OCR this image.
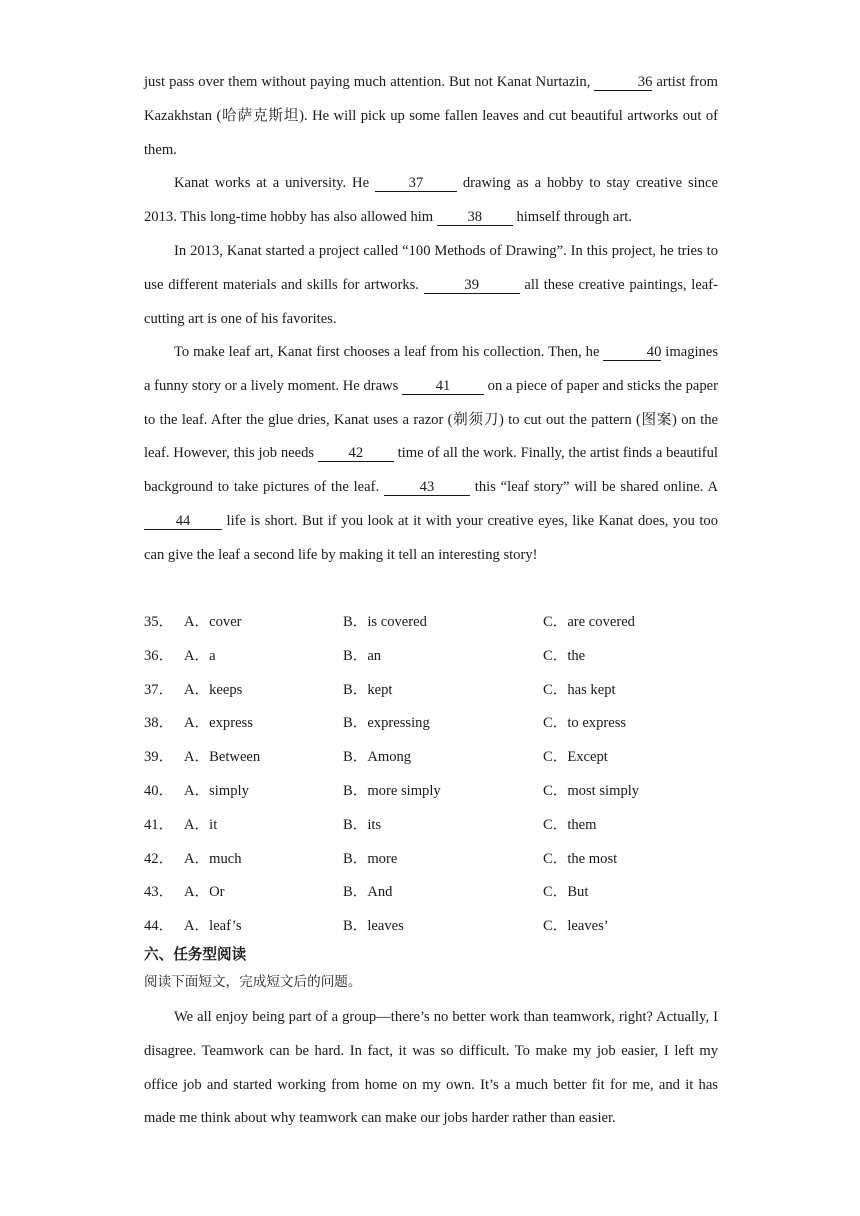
just pass over them without paying much attention. But not Kanat Nurtazin,	36 artist from Kazakhstan (哈萨克斯坦). He will pick up some fallen leaves and cut beautiful artworks out of them.

Kanat works at a university. He 37 drawing as a hobby to stay creative since 2013. This long-time hobby has also allowed him 38 himself through art.

In 2013, Kanat started a project called “100 Methods of Drawing”. In this project, he tries to use different materials and skills for artworks.	39	all these creative paintings, leaf-cutting art is one of his favorites.

To make leaf art, Kanat first chooses a leaf from his collection. Then, he	40 imagines a funny story or a lively moment. He draws 41 on a piece of paper and sticks the paper to the leaf. After the glue dries, Kanat uses a razor (剃须刀) to cut out the pattern (图案) on the leaf. However, this job needs 42 time of all the work. Finally, the artist finds a beautiful background to take pictures of the leaf. 43 this “leaf story” will be shared online. A 44 life is short. But if you look at it with your creative eyes, like Kanat does, you too can give the leaf a second life by making it tell an interesting story!

35． A．cover	B．is covered	C．are covered
36． A．a	B．an	C．the
37． A．keeps	B．kept	C．has kept
38． A．express	B．expressing	C．to express
39． A．Between	B．Among	C．Except
40． A．simply	B．more simply	C．most simply
41． A．it	B．its	C．them
42． A．much	B．more	C．the most
43． A．Or	B．And	C．But
44． A．leaf’s	B．leaves	C．leaves’
六、任务型阅读
阅读下面短文，完成短文后的问题。

We all enjoy being part of a group—there’s no better work than teamwork, right? Actually, I disagree. Teamwork can be hard. In fact, it was so difficult. To make my job easier, I left my office job and started working from home on my own. It’s a much better fit for me, and it has made me think about why teamwork can make our jobs harder rather than easier.
